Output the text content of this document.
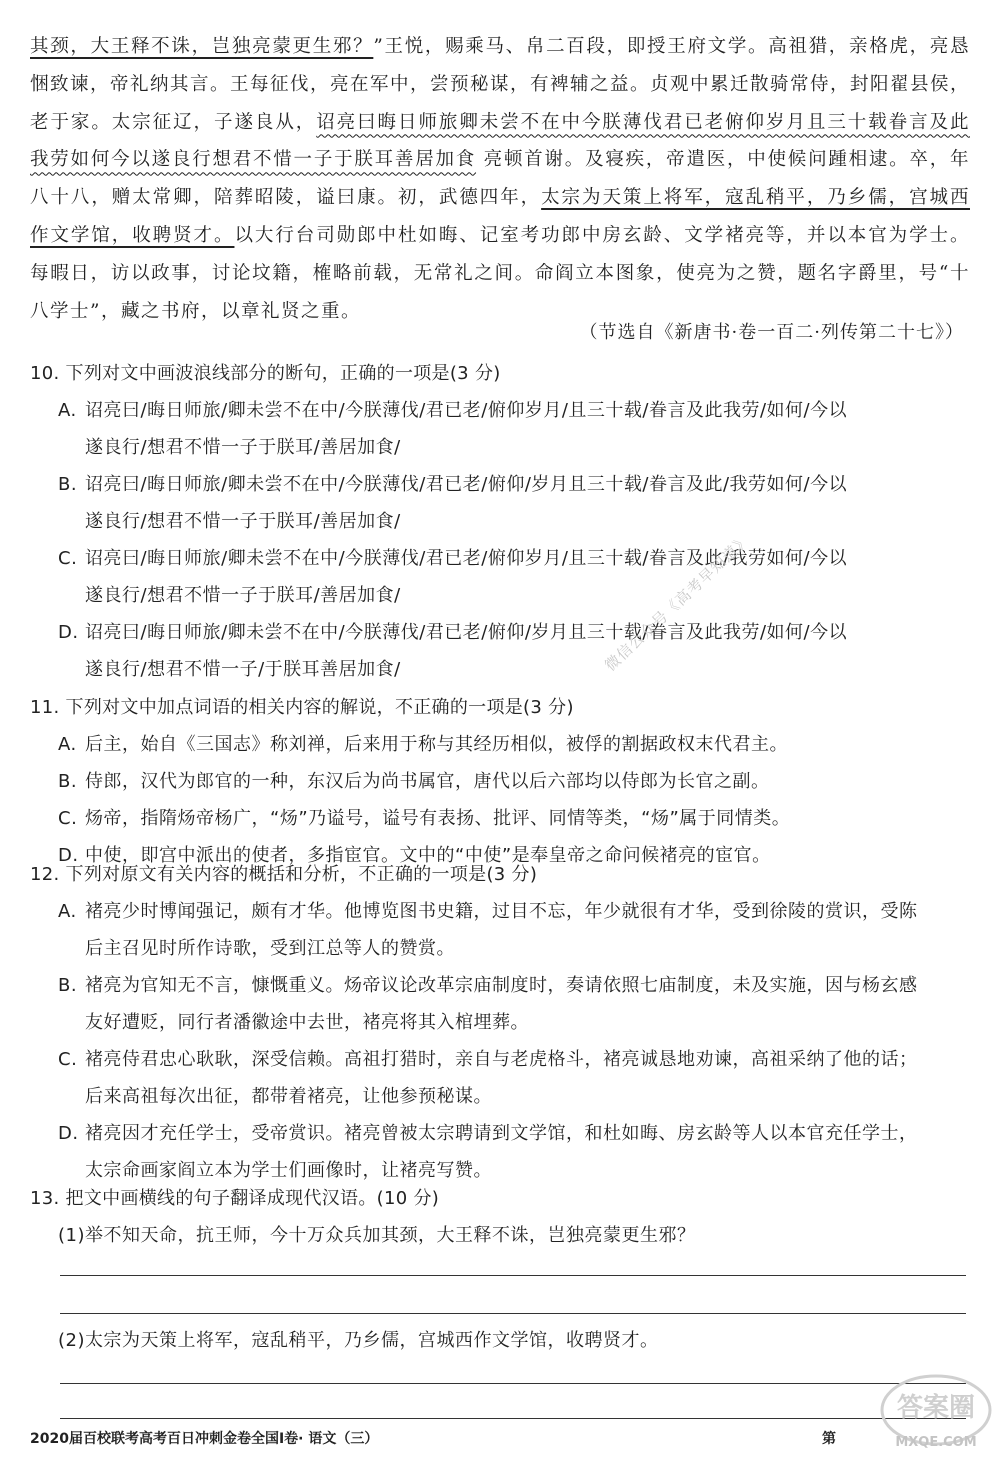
其颈，大王释不诛，岂独亮蒙更生邪？”王悦，赐乘马、帛二百段，即授王府文学。高祖猎，亲格虎，亮恳悃致谏，帝礼纳其言。王每征伐，亮在军中，尝预秘谋，有裨辅之益。贞观中累迁散骑常侍，封阳翟县侯，老于家。太宗征辽，子遂良从，诏亮曰晦日师旅卿未尝不在中今朕薄伐君已老俯仰岁月且三十载眷言及此我劳如何今以遂良行想君不惜一子于朕耳善居加食 亮顿首谢。及寝疾，帝遣医，中使候问踵相逮。卒，年八十八，赠太常卿，陪葬昭陵，谥曰康。初，武德四年，太宗为天策上将军，寇乱稍平，乃乡儒，宫城西作文学馆，收聘贤才。以大行台司勋郎中杜如晦、记室考功郎中房玄龄、文学褚亮等，并以本官为学士。每暇日，访以政事，讨论坟籍，榷略前载，无常礼之间。命阎立本图象，使亮为之赞，题名字爵里，号“十八学士”，藏之书府，以章礼贤之重。
（节选自《新唐书·卷一百二·列传第二十七》）
10. 下列对文中画波浪线部分的断句，正确的一项是(3 分)
A. 诏亮曰/晦日师旅/卿未尝不在中/今朕薄伐/君已老/俯仰岁月/且三十载/眷言及此我劳/如何/今以
遂良行/想君不惜一子于朕耳/善居加食/
B. 诏亮曰/晦日师旅/卿未尝不在中/今朕薄伐/君已老/俯仰/岁月且三十载/眷言及此/我劳如何/今以
遂良行/想君不惜一子于朕耳/善居加食/
C. 诏亮曰/晦日师旅/卿未尝不在中/今朕薄伐/君已老/俯仰岁月/且三十载/眷言及此/我劳如何/今以
遂良行/想君不惜一子于朕耳/善居加食/
D. 诏亮曰/晦日师旅/卿未尝不在中/今朕薄伐/君已老/俯仰/岁月且三十载/眷言及此我劳/如何/今以
遂良行/想君不惜一子/于朕耳善居加食/
11. 下列对文中加点词语的相关内容的解说，不正确的一项是(3 分)
A. 后主，始自《三国志》称刘禅，后来用于称与其经历相似，被俘的割据政权末代君主。
B. 侍郎，汉代为郎官的一种，东汉后为尚书属官，唐代以后六部均以侍郎为长官之副。
C. 炀帝，指隋炀帝杨广，“炀”乃谥号，谥号有表扬、批评、同情等类，“炀”属于同情类。
D. 中使，即宫中派出的使者，多指宦官。文中的“中使”是奉皇帝之命问候褚亮的宦官。
12. 下列对原文有关内容的概括和分析，不正确的一项是(3 分)
A. 褚亮少时博闻强记，颇有才华。他博览图书史籍，过目不忘，年少就很有才华，受到徐陵的赏识，受陈
后主召见时所作诗歌，受到江总等人的赞赏。
B. 褚亮为官知无不言，慷慨重义。炀帝议论改革宗庙制度时，奏请依照七庙制度，未及实施，因与杨玄感
友好遭贬，同行者潘徽途中去世，褚亮将其入棺埋葬。
C. 褚亮侍君忠心耿耿，深受信赖。高祖打猎时，亲自与老虎格斗，褚亮诚恳地劝谏，高祖采纳了他的话；
后来高祖每次出征，都带着褚亮，让他参预秘谋。
D. 褚亮因才充任学士，受帝赏识。褚亮曾被太宗聘请到文学馆，和杜如晦、房玄龄等人以本官充任学士，
太宗命画家阎立本为学士们画像时，让褚亮写赞。
13. 把文中画横线的句子翻译成现代汉语。(10 分)
(1)举不知天命，抗王师，今十万众兵加其颈，大王释不诛，岂独亮蒙更生邪？
(2)太宗为天策上将军，寇乱稍平，乃乡儒，宫城西作文学馆，收聘贤才。
2020届百校联考高考百日冲刺金卷全国Ⅰ卷· 语文（三）	第
微信公众号《高考早知道》
答案圈
MXQE.COM
